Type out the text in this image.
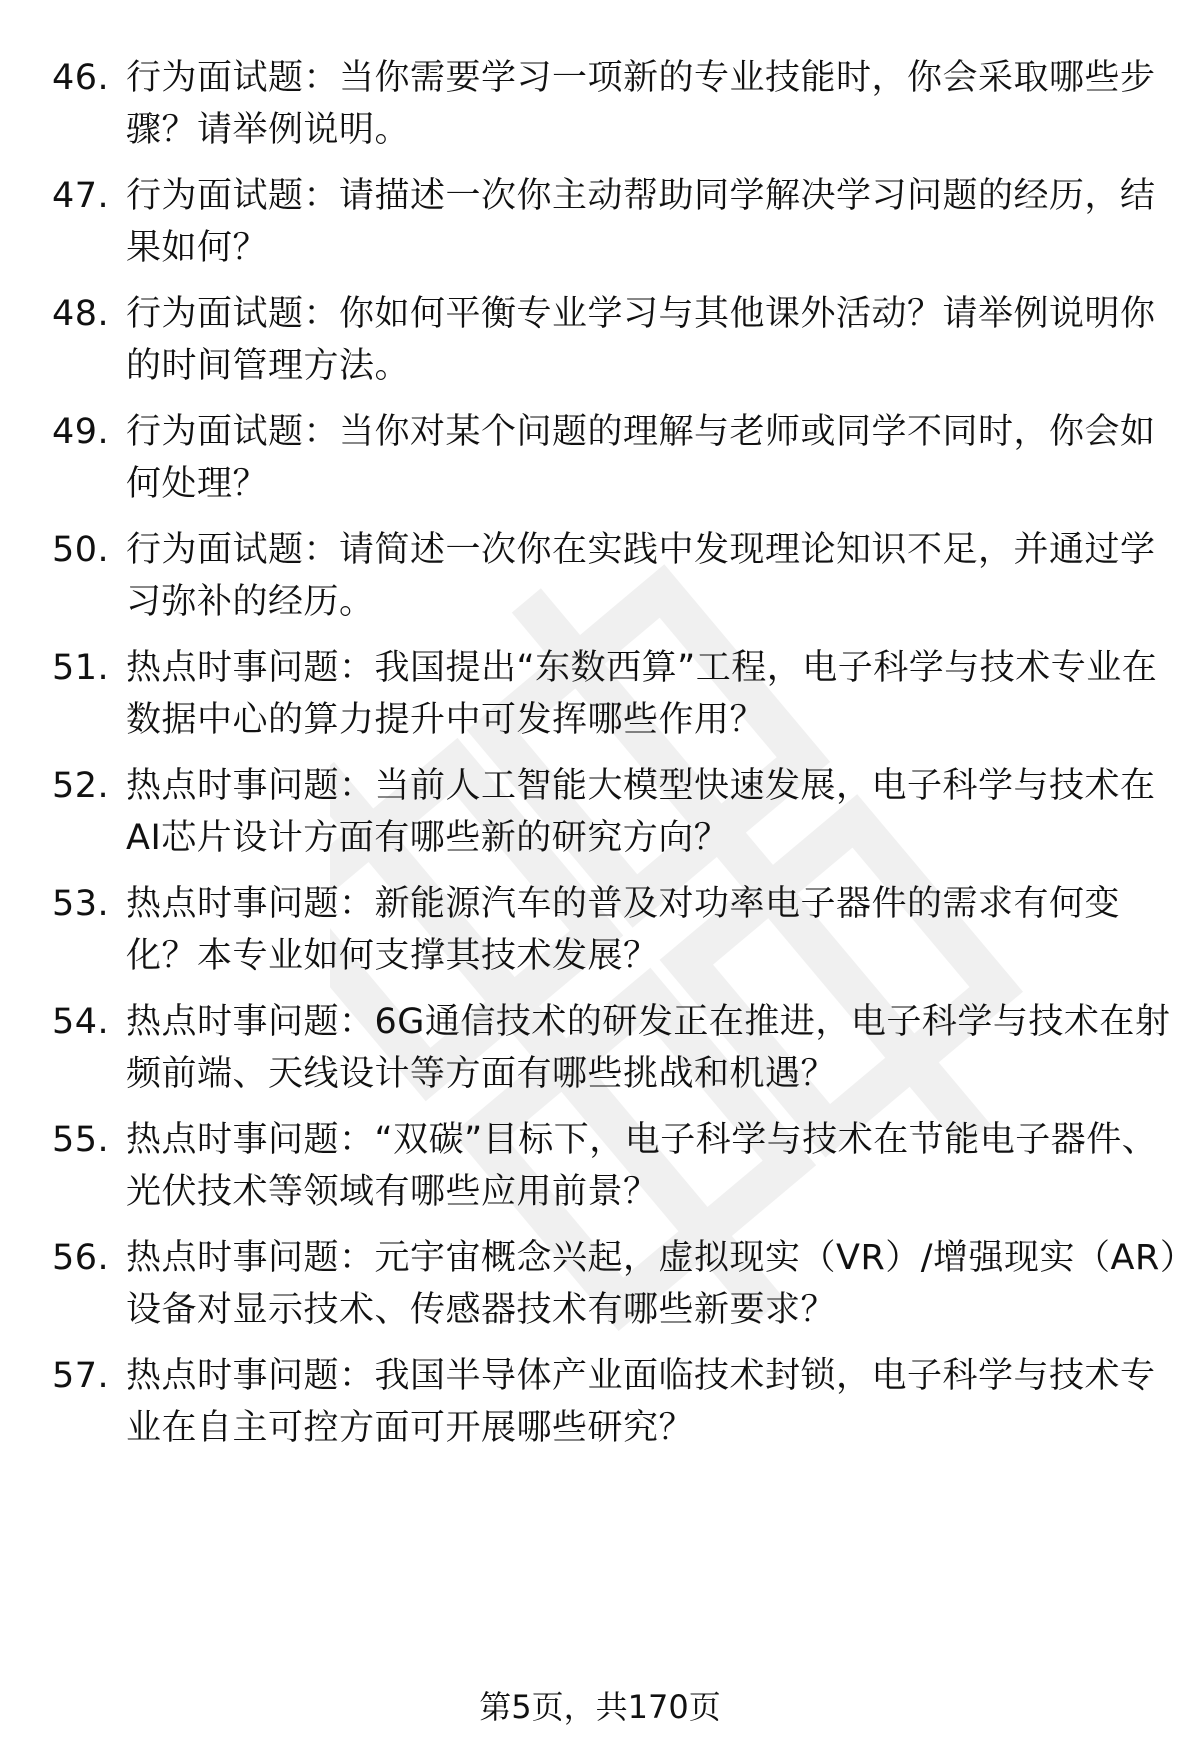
46. 行为面试题：当你需要学习一项新的专业技能时，你会采取哪些步骤？请举例说明。
47. 行为面试题：请描述一次你主动帮助同学解决学习问题的经历，结果如何？
48. 行为面试题：你如何平衡专业学习与其他课外活动？请举例说明你的时间管理方法。
49. 行为面试题：当你对某个问题的理解与老师或同学不同时，你会如何处理？
50. 行为面试题：请简述一次你在实践中发现理论知识不足，并通过学习弥补的经历。
51. 热点时事问题：我国提出“东数西算”工程，电子科学与技术专业在数据中心的算力提升中可发挥哪些作用？
52. 热点时事问题：当前人工智能大模型快速发展，电子科学与技术在AI芯片设计方面有哪些新的研究方向？
53. 热点时事问题：新能源汽车的普及对功率电子器件的需求有何变化？本专业如何支撑其技术发展？
54. 热点时事问题：6G通信技术的研发正在推进，电子科学与技术在射频前端、天线设计等方面有哪些挑战和机遇？
55. 热点时事问题：“双碳”目标下，电子科学与技术在节能电子器件、光伏技术等领域有哪些应用前景？
56. 热点时事问题：元宇宙概念兴起，虚拟现实（VR）/增强现实（AR）设备对显示技术、传感器技术有哪些新要求？
57. 热点时事问题：我国半导体产业面临技术封锁，电子科学与技术专业在自主可控方面可开展哪些研究？
第5页，共170页
